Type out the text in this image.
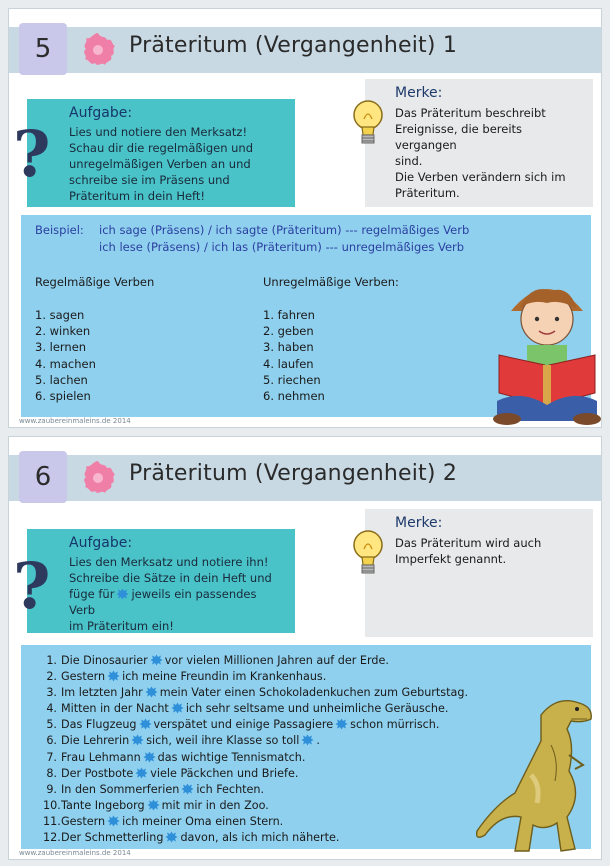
5	Präteritum (Vergangenheit) 1
Aufgabe:
Lies und notiere den Merksatz!
Schau dir die regelmäßigen und
unregelmäßigen Verben an und
schreibe sie im Präsens und
Präteritum in dein Heft!
?
Merke:
Das Präteritum beschreibt
Ereignisse, die bereits vergangen
sind.
Die Verben verändern sich im
Präteritum.
Beispiel: ich sage (Präsens) / ich sagte (Präteritum) --- regelmäßiges Verb
ich lese (Präsens) / ich las (Präteritum) --- unregelmäßiges Verb
Regelmäßige Verben
1. sagen
2. winken
3. lernen
4. machen
5. lachen
6. spielen
Unregelmäßige Verben:
1. fahren
2. geben
3. haben
4. laufen
5. riechen
6. nehmen
www.zaubereinmaleins.de 2014
6	Präteritum (Vergangenheit) 2
Aufgabe:
Lies den Merksatz und notiere ihn!
Schreibe die Sätze in dein Heft und
füge für jeweils ein passendes Verb
im Präteritum ein!
?
Merke:
Das Präteritum wird auch
Imperfekt genannt.
1. Die Dinosaurier vor vielen Millionen Jahren auf der Erde.
2. Gestern ich meine Freundin im Krankenhaus.
3. Im letzten Jahr mein Vater einen Schokoladenkuchen zum Geburtstag.
4. Mitten in der Nacht ich sehr seltsame und unheimliche Geräusche.
5. Das Flugzeug verspätet und einige Passagiere schon mürrisch.
6. Die Lehrerin sich, weil ihre Klasse so toll .
7. Frau Lehmann das wichtige Tennismatch.
8. Der Postbote viele Päckchen und Briefe.
9. In den Sommerferien ich Fechten.
10.Tante Ingeborg mit mir in den Zoo.
11.Gestern ich meiner Oma einen Stern.
12.Der Schmetterling davon, als ich mich näherte.
www.zaubereinmaleins.de 2014
